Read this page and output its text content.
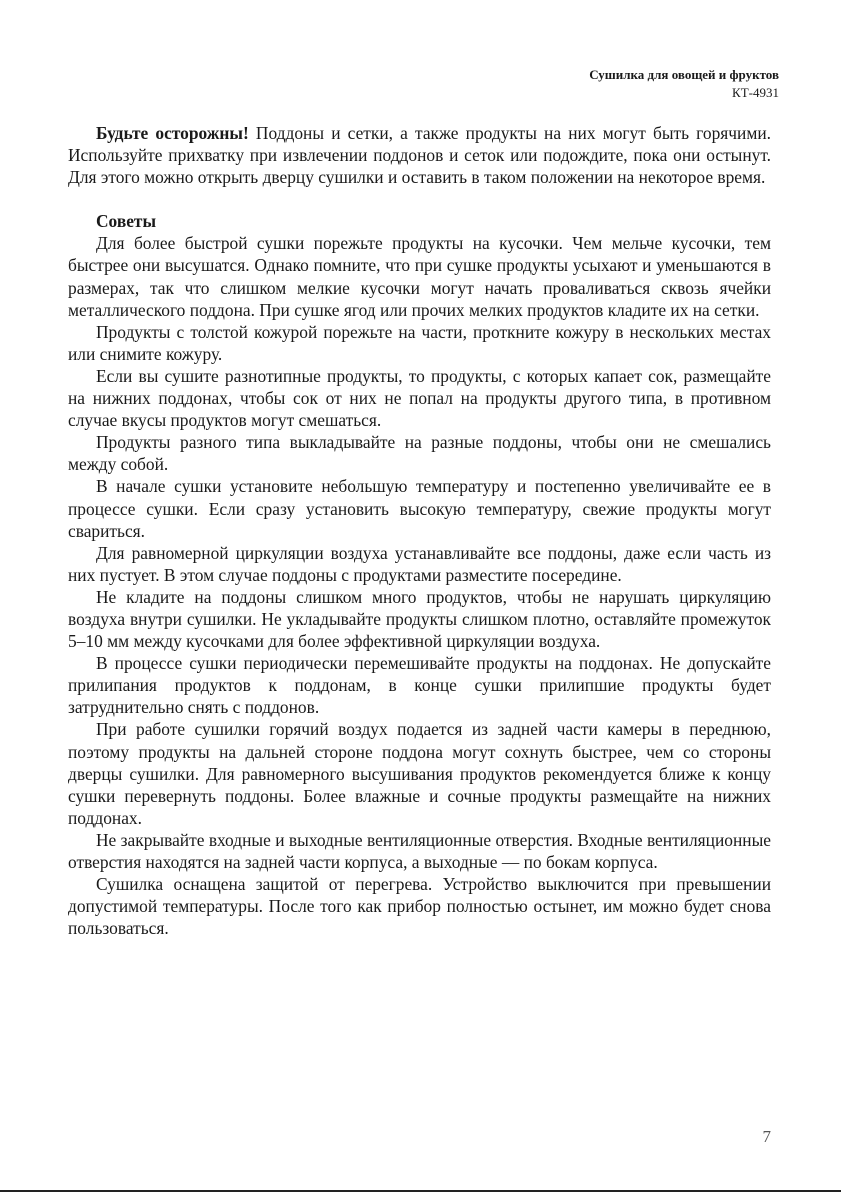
Сушилка для овощей и фруктов
КТ-4931

Будьте осторожны! Поддоны и сетки, а также продукты на них могут быть горячими. Используйте прихватку при извлечении поддонов и сеток или подождите, пока они остынут. Для этого можно открыть дверцу сушилки и оставить в таком положении на некоторое время.

Советы

Для более быстрой сушки порежьте продукты на кусочки. Чем мельче кусочки, тем быстрее они высушатся. Однако помните, что при сушке продукты усыхают и уменьшаются в размерах, так что слишком мелкие кусочки могут начать проваливаться сквозь ячейки металлического поддона. При сушке ягод или прочих мелких продуктов кладите их на сетки.

Продукты с толстой кожурой порежьте на части, проткните кожуру в нескольких местах или снимите кожуру.

Если вы сушите разнотипные продукты, то продукты, с которых капает сок, размещайте на нижних поддонах, чтобы сок от них не попал на продукты другого типа, в противном случае вкусы продуктов могут смешаться.

Продукты разного типа выкладывайте на разные поддоны, чтобы они не смешались между собой.

В начале сушки установите небольшую температуру и постепенно увеличивайте ее в процессе сушки. Если сразу установить высокую температуру, свежие продукты могут свариться.

Для равномерной циркуляции воздуха устанавливайте все поддоны, даже если часть из них пустует. В этом случае поддоны с продуктами разместите посередине.

Не кладите на поддоны слишком много продуктов, чтобы не нарушать циркуляцию воздуха внутри сушилки. Не укладывайте продукты слишком плотно, оставляйте промежуток 5–10 мм между кусочками для более эффективной циркуляции воздуха.

В процессе сушки периодически перемешивайте продукты на поддонах. Не допускайте прилипания продуктов к поддонам, в конце сушки прилипшие продукты будет затруднительно снять с поддонов.

При работе сушилки горячий воздух подается из задней части камеры в переднюю, поэтому продукты на дальней стороне поддона могут сохнуть быстрее, чем со стороны дверцы сушилки. Для равномерного высушивания продуктов рекомендуется ближе к концу сушки перевернуть поддоны. Более влажные и сочные продукты размещайте на нижних поддонах.

Не закрывайте входные и выходные вентиляционные отверстия. Входные вентиляционные отверстия находятся на задней части корпуса, а выходные — по бокам корпуса.

Сушилка оснащена защитой от перегрева. Устройство выключится при превышении допустимой температуры. После того как прибор полностью остынет, им можно будет снова пользоваться.

7
